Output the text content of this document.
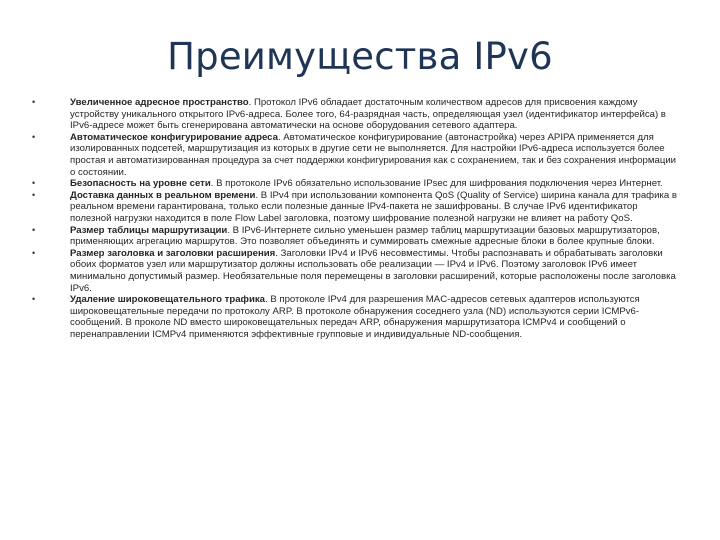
Преимущества IPv6
•	Увеличенное адресное пространство. Протокол IPv6 обладает достаточным количеством адресов для присвоения каждому устройству уникального открытого IPv6-адреса. Более того, 64-разрядная часть, определяющая узел (идентификатор интерфейса) в IPv6-адресе может быть сгенерирована автоматически на основе оборудования сетевого адаптера.
•	Автоматическое конфигурирование адреса. Автоматическое конфигурирование (автонастройка) через APIPA применяется для изолированных подсетей, маршрутизация из которых в другие сети не выполняется. Для настройки IPv6-адреса используется более простая и автоматизированная процедура за счет поддержки конфигурирования как с сохранением, так и без сохранения информации о состоянии.
•	Безопасность на уровне сети. В протоколе IPv6 обязательно использование IPsec для шифрования подключения через Интернет.
•	Доставка данных в реальном времени. В IPv4 при использовании компонента QoS (Quality of Service) ширина канала для трафика в реальном времени гарантирована, только если полезные данные IPv4-пакета не зашифрованы. В случае IPv6 идентификатор полезной нагрузки находится в поле Flow Label заголовка, поэтому шифрование полезной нагрузки не влияет на работу QoS.
•	Размер таблицы маршрутизации. В IPv6-Интернете сильно уменьшен размер таблиц маршрутизации базовых маршрутизаторов, применяющих агрегацию маршрутов. Это позволяет объединять и суммировать смежные адресные блоки в более крупные блоки.
•	Размер заголовка и заголовки расширения. Заголовки IPv4 и IPv6 несовместимы. Чтобы распознавать и обрабатывать заголовки обоих форматов узел или маршрутизатор должны использовать обе реализации — IPv4 и IPv6. Поэтому заголовок IPv6 имеет минимально допустимый размер. Необязательные поля перемещены в заголовки расширений, которые расположены после заголовка IPv6.
•	Удаление широковещательного трафика. В протоколе IPv4 для разрешения MAC-адресов сетевых адаптеров используются широковещательные передачи по протоколу ARP. В протоколе обнаружения соседнего узла (ND) используются серии ICMPv6-сообщений. В проколе ND вместо широковещательных передач ARP, обнаружения маршрутизатора ICMPv4 и сообщений о перенаправлении ICMPv4 применяются эффективные групповые и индивидуальные ND-сообщения.
